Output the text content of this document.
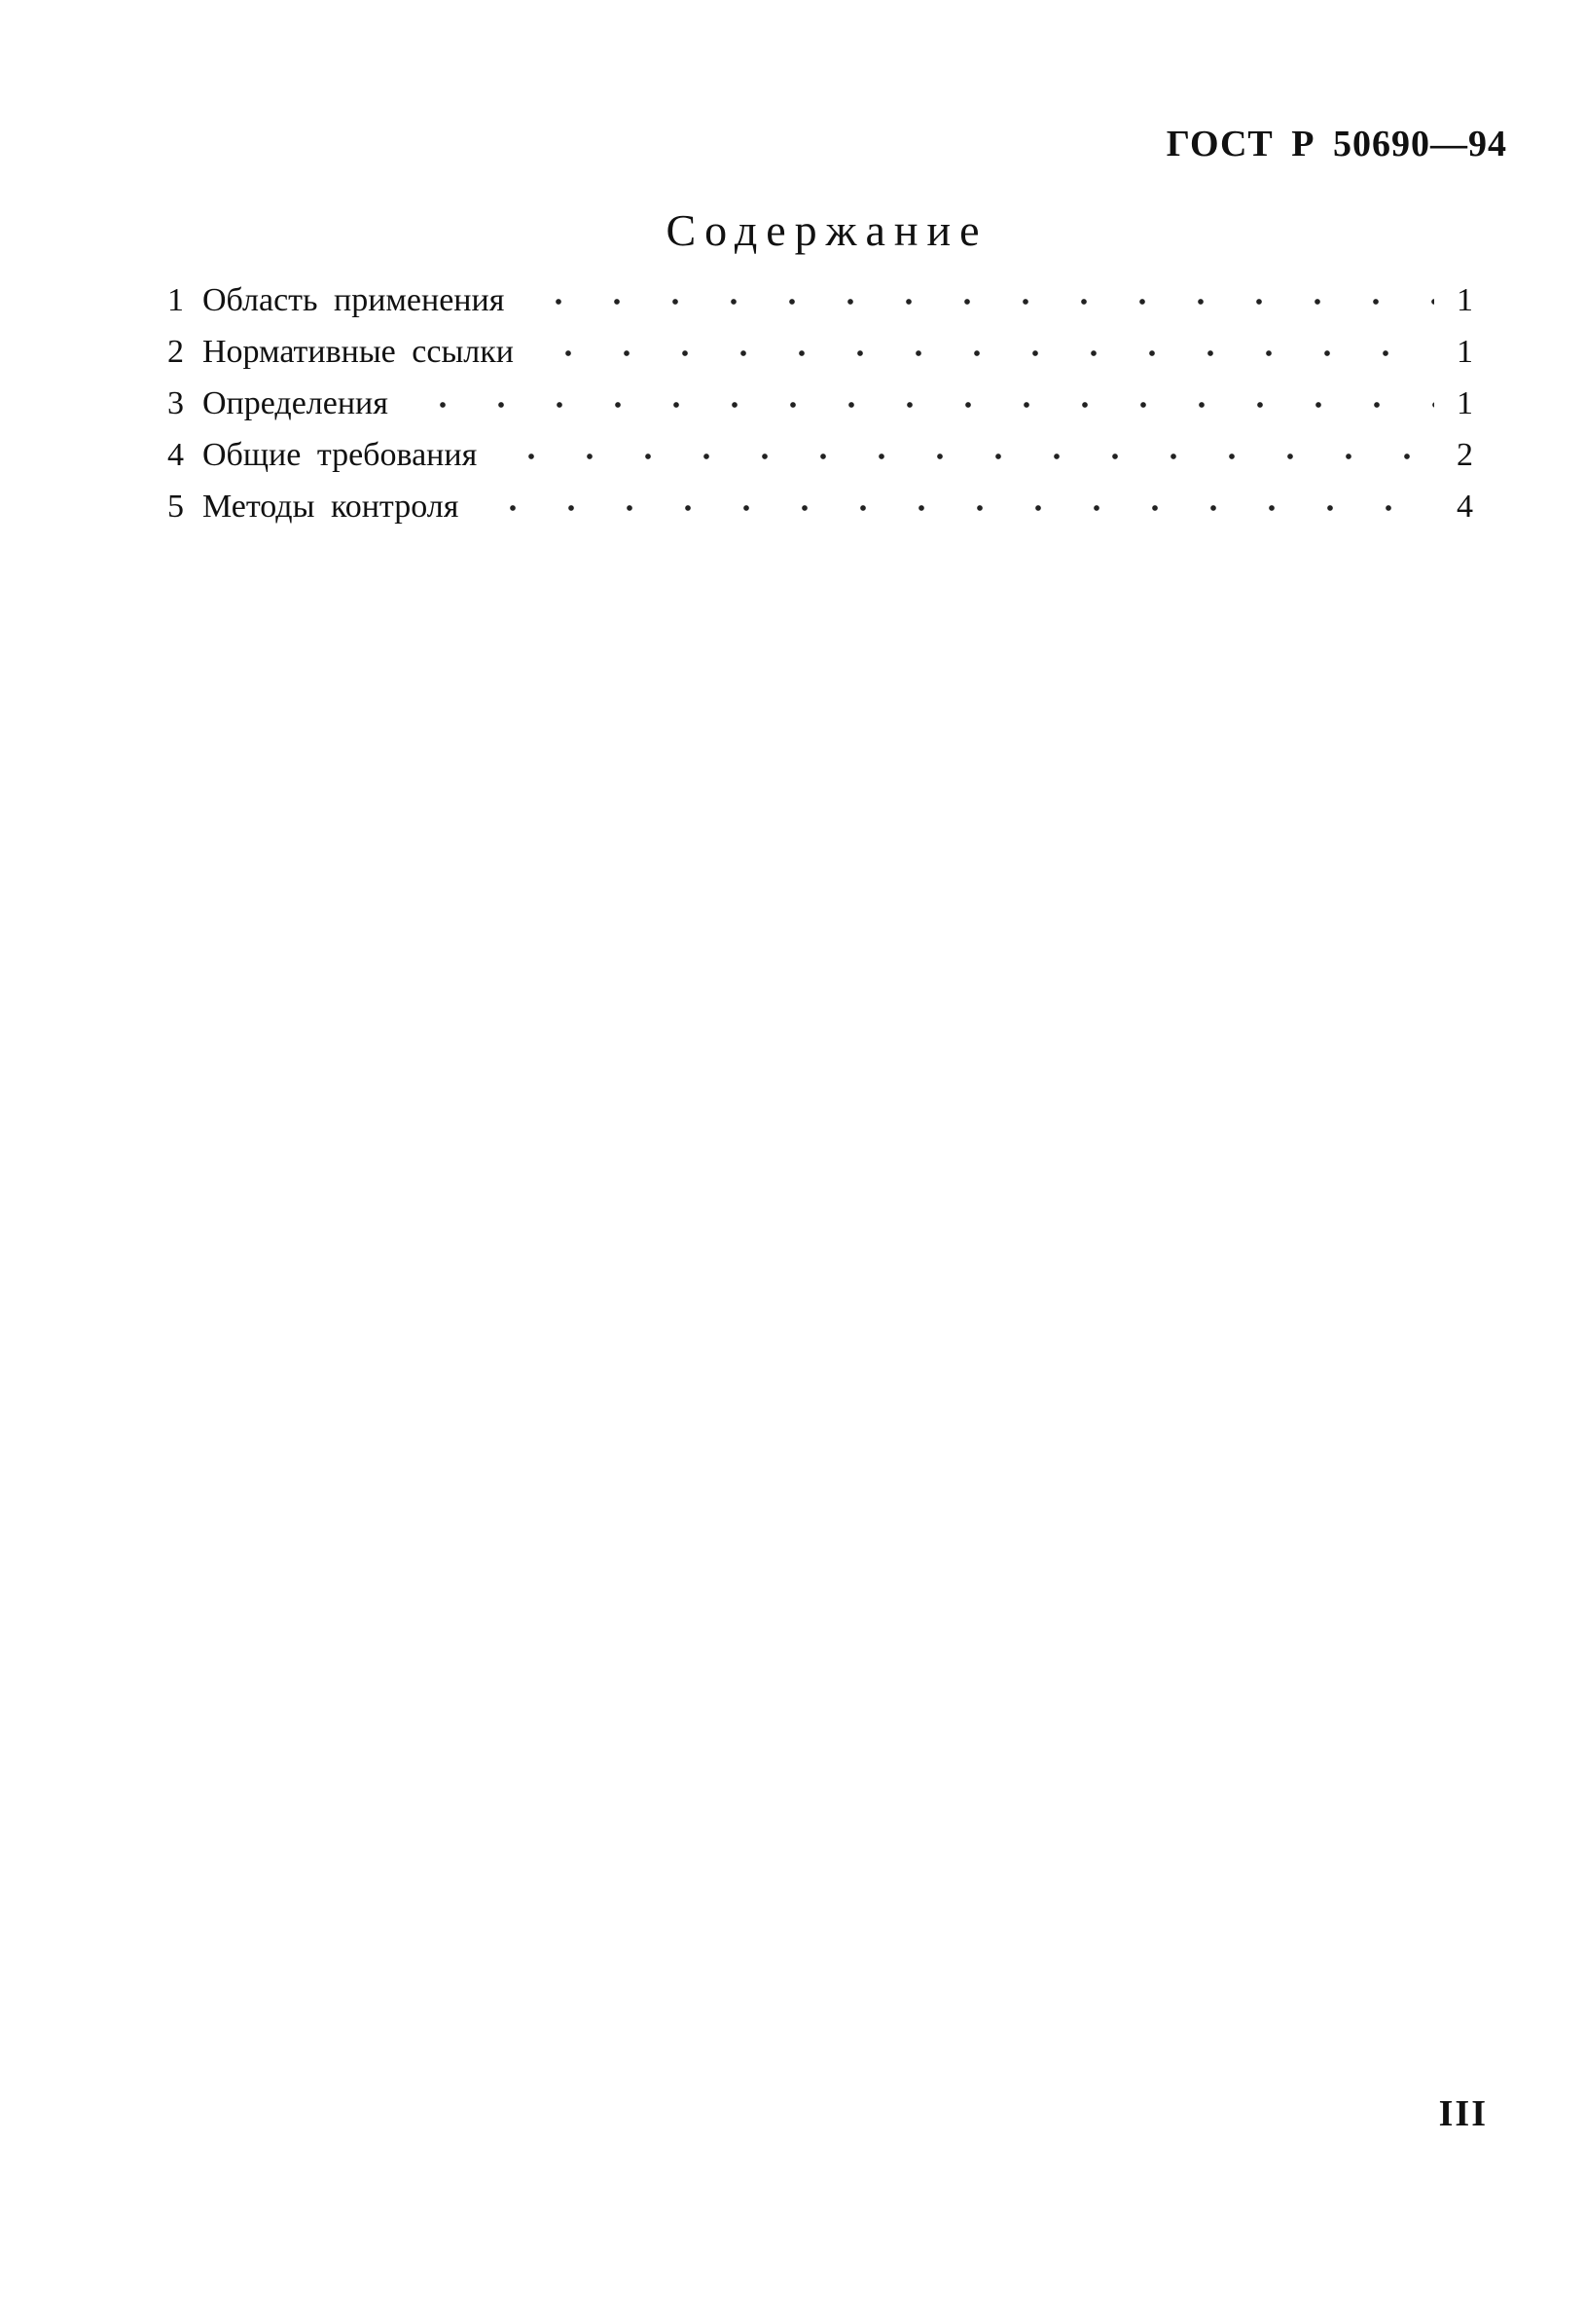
ГОСТ Р 50690—94
Содержание
1 Область применения	1
2 Нормативные ссылки	1
3 Определения	1
4 Общие требования	2
5 Методы контроля	4
III
